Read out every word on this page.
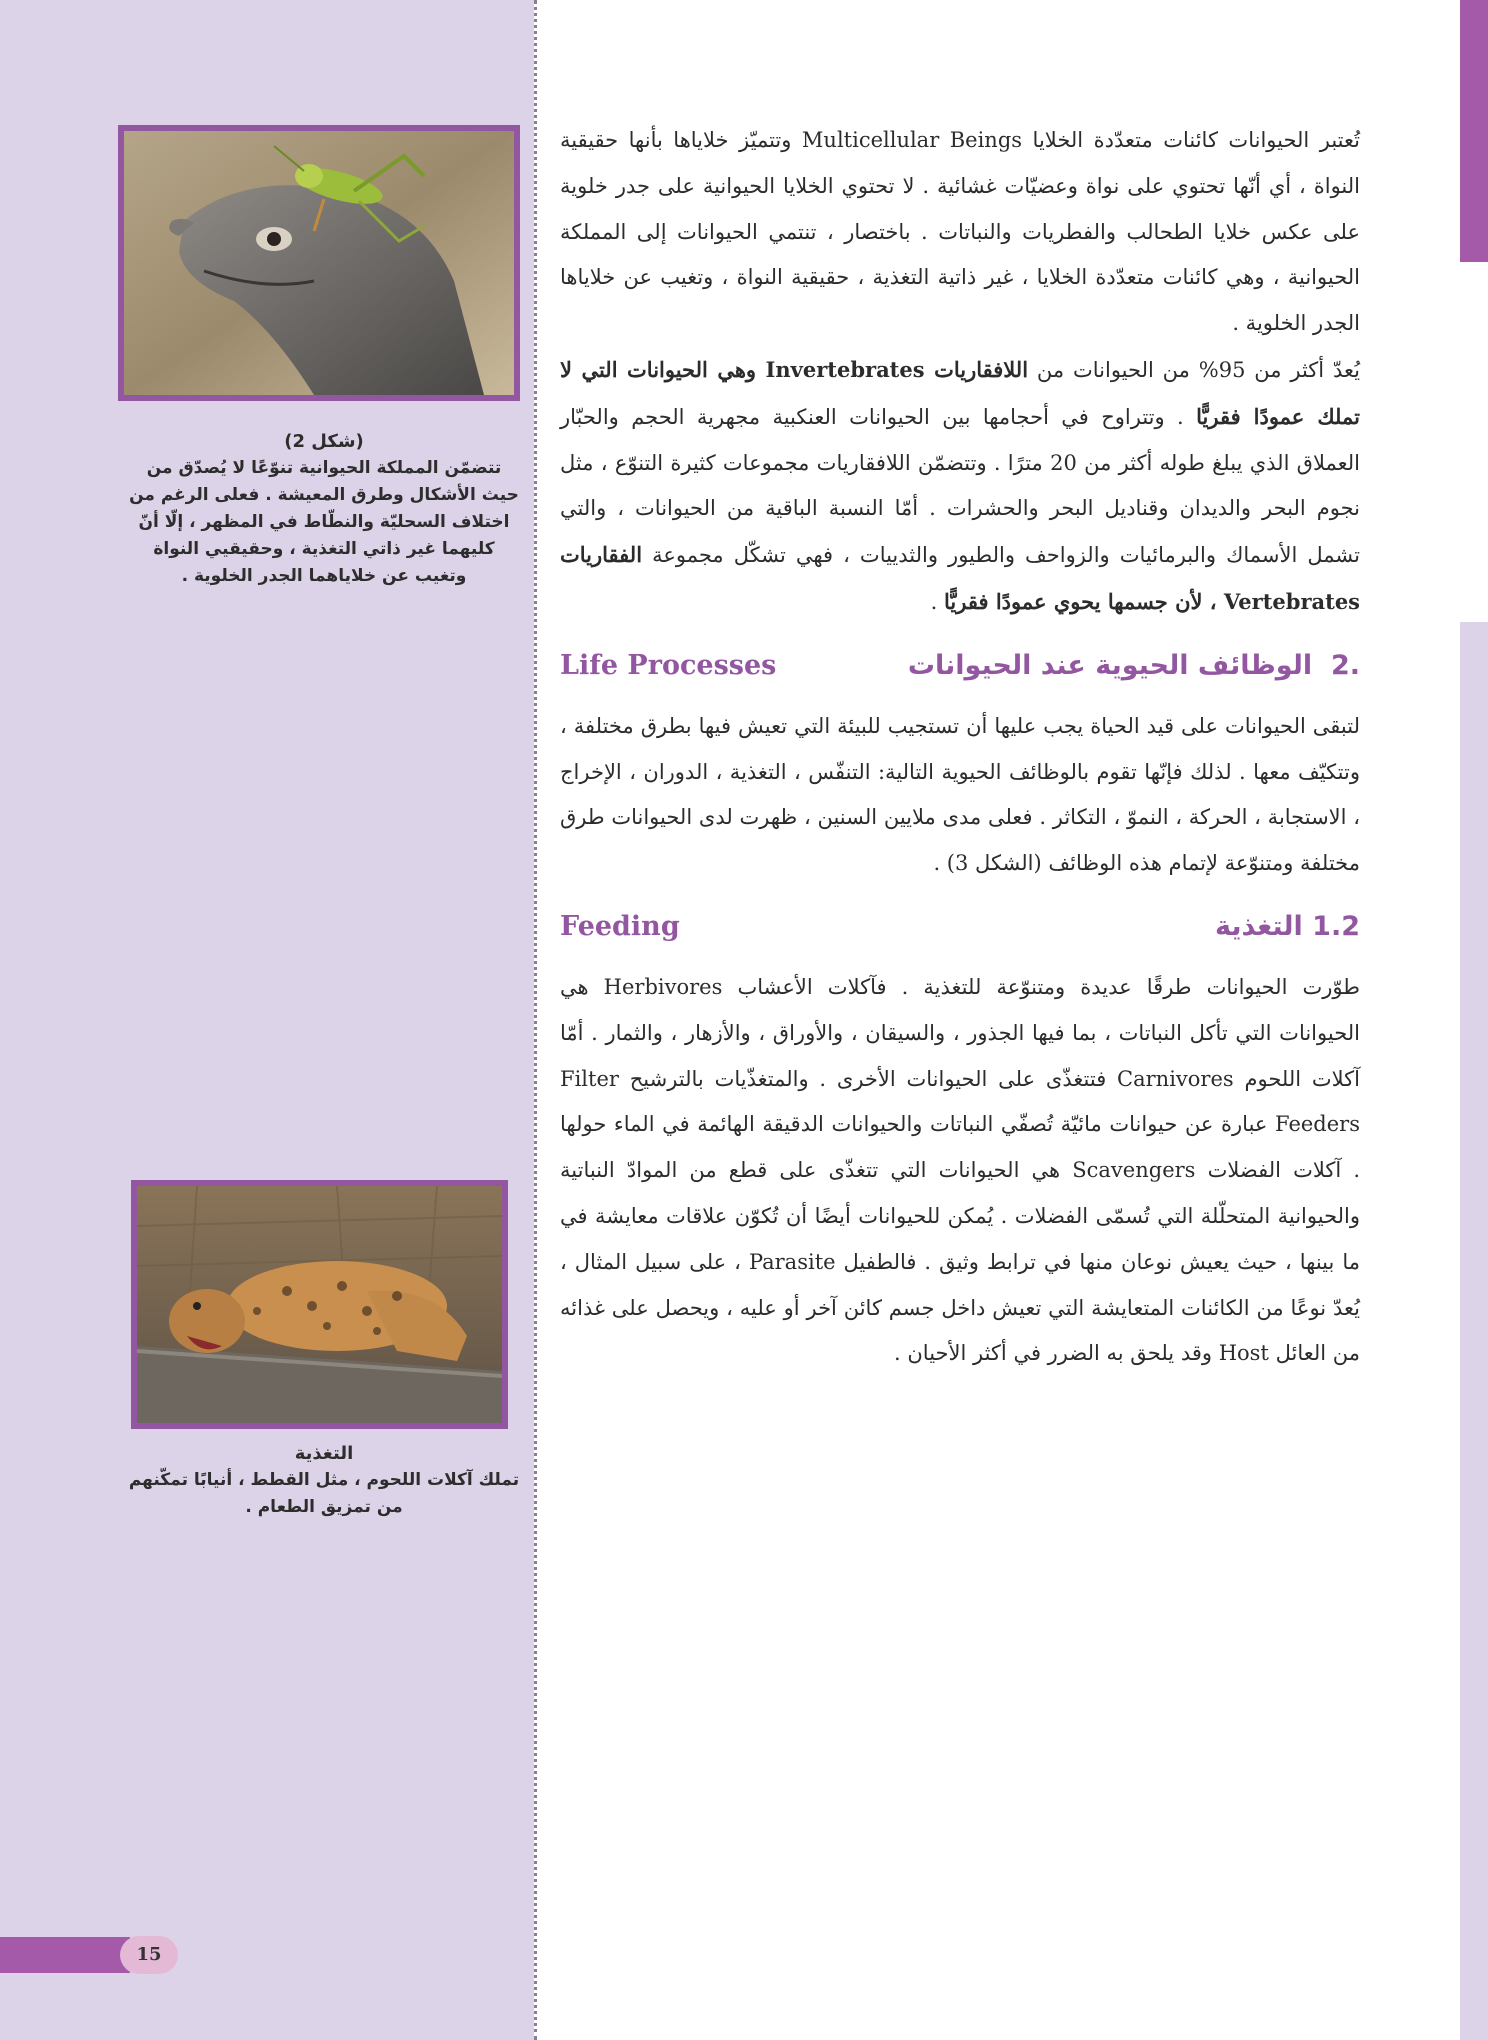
(شكل 2)
تتضمّن المملكة الحيوانية تنوّعًا لا يُصدّق من حيث الأشكال وطرق المعيشة . فعلى الرغم من اختلاف السحليّة والنطّاط في المظهر ، إلّا أنّ كليهما غير ذاتي التغذية ، وحقيقيي النواة وتغيب عن خلاياهما الجدر الخلوية .
التغذية
تملك آكلات اللحوم ، مثل القطط ، أنيابًا تمكّنهم من تمزيق الطعام .
15

تُعتبر الحيوانات كائنات متعدّدة الخلايا Multicellular Beings وتتميّز خلاياها بأنها حقيقية النواة ، أي أنّها تحتوي على نواة وعضيّات غشائية . لا تحتوي الخلايا الحيوانية على جدر خلوية على عكس خلايا الطحالب والفطريات والنباتات . باختصار ، تنتمي الحيوانات إلى المملكة الحيوانية ، وهي كائنات متعدّدة الخلايا ، غير ذاتية التغذية ، حقيقية النواة ، وتغيب عن خلاياها الجدر الخلوية .

يُعدّ أكثر من 95% من الحيوانات من اللافقاريات Invertebrates وهي الحيوانات التي لا تملك عمودًا فقريًّا . وتتراوح في أحجامها بين الحيوانات العنكبية مجهرية الحجم والحبّار العملاق الذي يبلغ طوله أكثر من 20 مترًا . وتتضمّن اللافقاريات مجموعات كثيرة التنوّع ، مثل نجوم البحر والديدان وقناديل البحر والحشرات . أمّا النسبة الباقية من الحيوانات ، والتي تشمل الأسماك والبرمائيات والزواحف والطيور والثدييات ، فهي تشكّل مجموعة الفقاريات Vertebrates ، لأن جسمها يحوي عمودًا فقريًّا .

.2  الوظائف الحيوية عند الحيوانات
Life Processes

لتبقى الحيوانات على قيد الحياة يجب عليها أن تستجيب للبيئة التي تعيش فيها بطرق مختلفة ، وتتكيّف معها . لذلك فإنّها تقوم بالوظائف الحيوية التالية: التنفّس ، التغذية ، الدوران ، الإخراج ، الاستجابة ، الحركة ، النموّ ، التكاثر . فعلى مدى ملايين السنين ، ظهرت لدى الحيوانات طرق مختلفة ومتنوّعة لإتمام هذه الوظائف (الشكل 3) .

1.2 التغذية
Feeding

طوّرت الحيوانات طرقًا عديدة ومتنوّعة للتغذية . فآكلات الأعشاب Herbivores هي الحيوانات التي تأكل النباتات ، بما فيها الجذور ، والسيقان ، والأوراق ، والأزهار ، والثمار . أمّا آكلات اللحوم Carnivores فتتغذّى على الحيوانات الأخرى . والمتغذّيات بالترشيح Filter Feeders عبارة عن حيوانات مائيّة تُصفّي النباتات والحيوانات الدقيقة الهائمة في الماء حولها . آكلات الفضلات Scavengers هي الحيوانات التي تتغذّى على قطع من الموادّ النباتية والحيوانية المتحلّلة التي تُسمّى الفضلات . يُمكن للحيوانات أيضًا أن تُكوّن علاقات معايشة في ما بينها ، حيث يعيش نوعان منها في ترابط وثيق . فالطفيل Parasite ، على سبيل المثال ، يُعدّ نوعًا من الكائنات المتعايشة التي تعيش داخل جسم كائن آخر أو عليه ، ويحصل على غذائه من العائل Host وقد يلحق به الضرر في أكثر الأحيان .
